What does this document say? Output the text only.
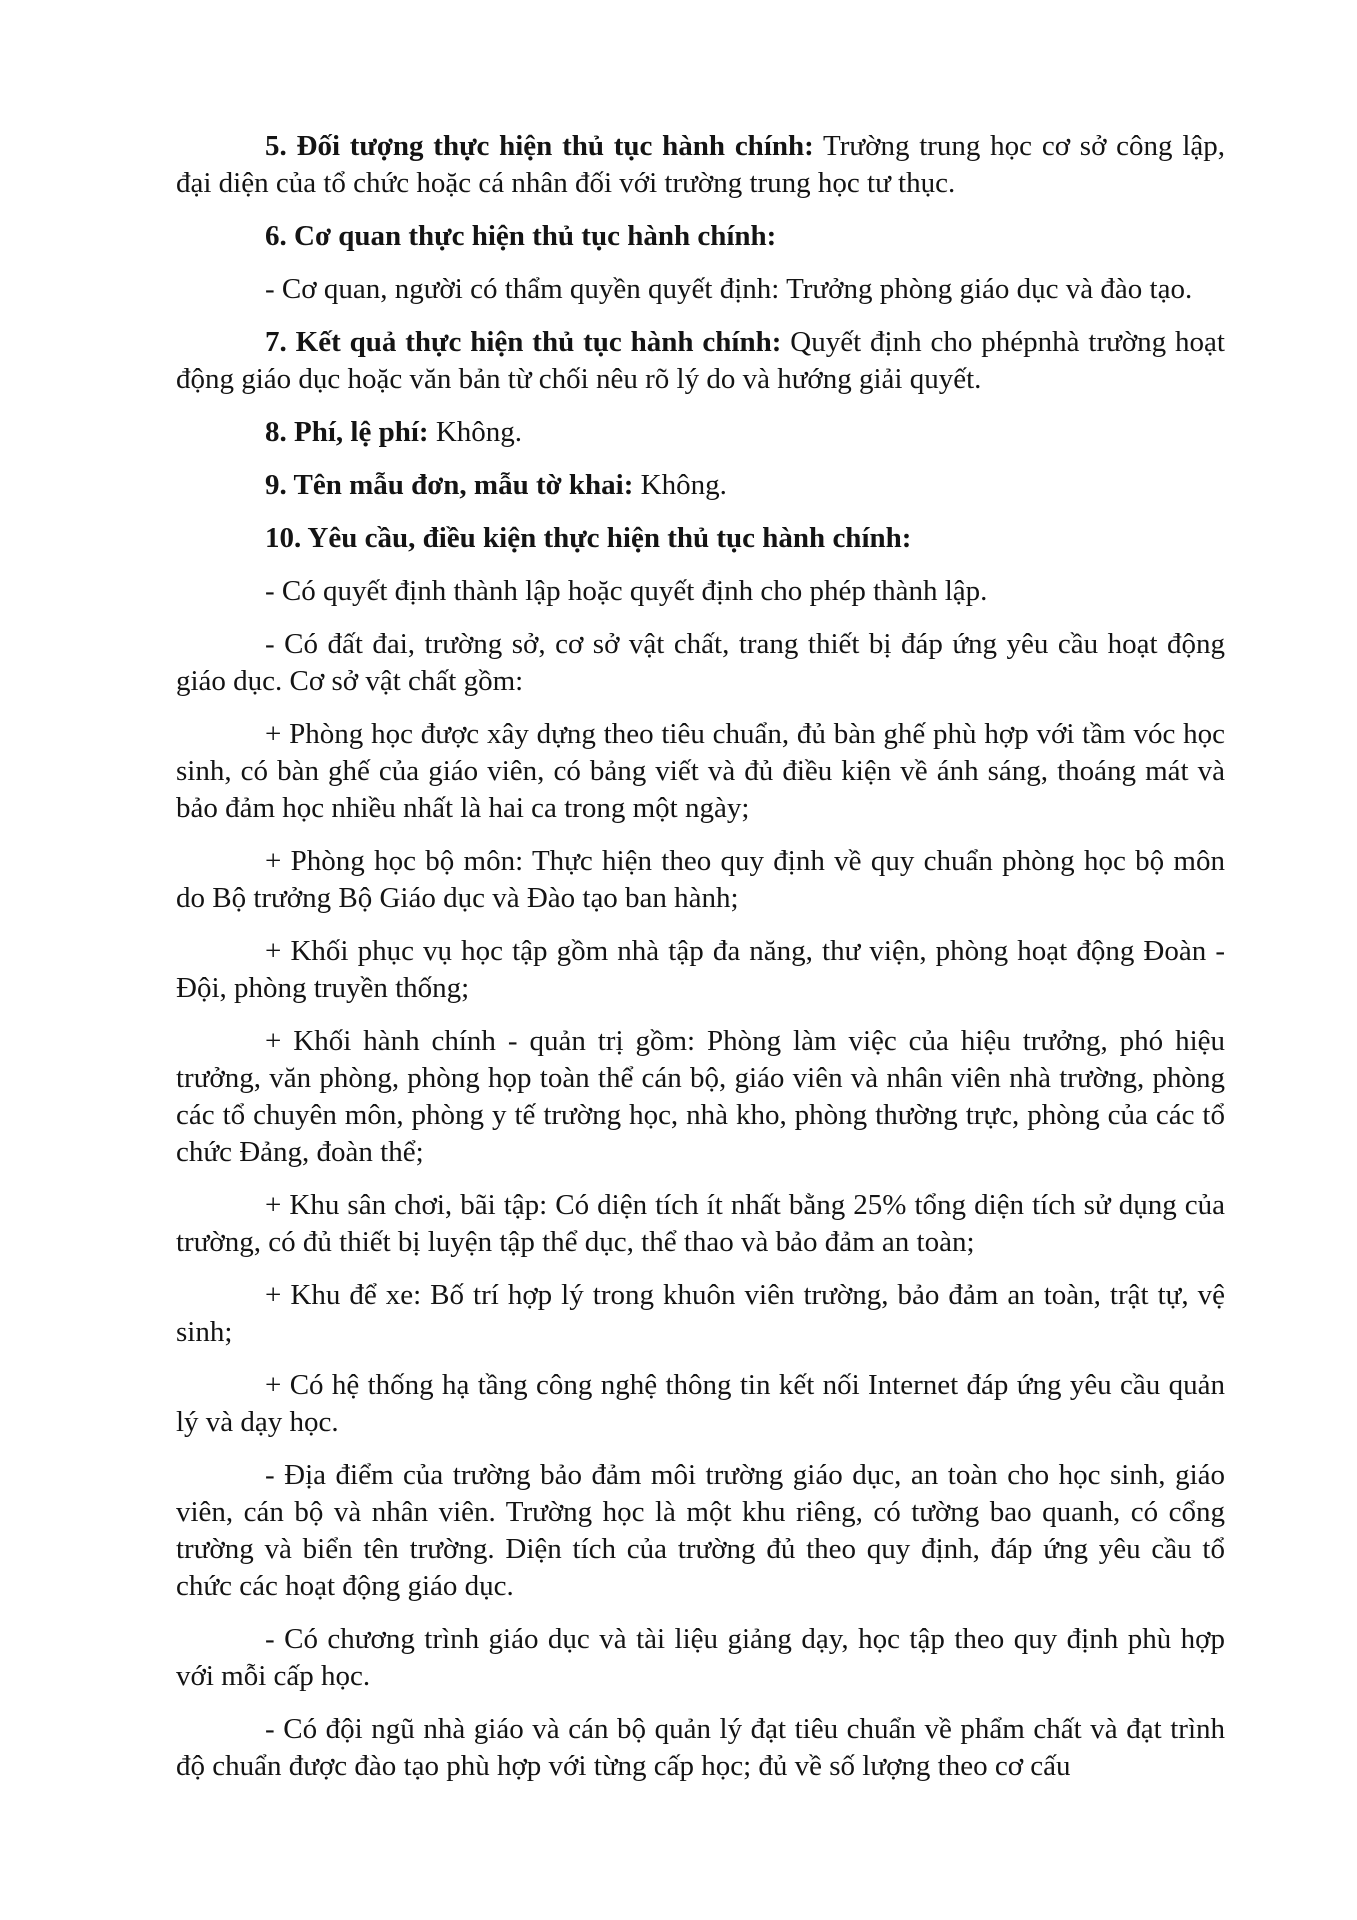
5. Đối tượng thực hiện thủ tục hành chính: Trường trung học cơ sở công lập, đại diện của tổ chức hoặc cá nhân đối với trường trung học tư thục.

6. Cơ quan thực hiện thủ tục hành chính:

- Cơ quan, người có thẩm quyền quyết định: Trưởng phòng giáo dục và đào tạo.

7. Kết quả thực hiện thủ tục hành chính: Quyết định cho phépnhà trường hoạt động giáo dục hoặc văn bản từ chối nêu rõ lý do và hướng giải quyết.

8. Phí, lệ phí: Không.

9. Tên mẫu đơn, mẫu tờ khai: Không.

10. Yêu cầu, điều kiện thực hiện thủ tục hành chính:

- Có quyết định thành lập hoặc quyết định cho phép thành lập.

- Có đất đai, trường sở, cơ sở vật chất, trang thiết bị đáp ứng yêu cầu hoạt động giáo dục. Cơ sở vật chất gồm:

+ Phòng học được xây dựng theo tiêu chuẩn, đủ bàn ghế phù hợp với tầm vóc học sinh, có bàn ghế của giáo viên, có bảng viết và đủ điều kiện về ánh sáng, thoáng mát và bảo đảm học nhiều nhất là hai ca trong một ngày;

+ Phòng học bộ môn: Thực hiện theo quy định về quy chuẩn phòng học bộ môn do Bộ trưởng Bộ Giáo dục và Đào tạo ban hành;

+ Khối phục vụ học tập gồm nhà tập đa năng, thư viện, phòng hoạt động Đoàn - Đội, phòng truyền thống;

+ Khối hành chính - quản trị gồm: Phòng làm việc của hiệu trưởng, phó hiệu trưởng, văn phòng, phòng họp toàn thể cán bộ, giáo viên và nhân viên nhà trường, phòng các tổ chuyên môn, phòng y tế trường học, nhà kho, phòng thường trực, phòng của các tổ chức Đảng, đoàn thể;

+ Khu sân chơi, bãi tập: Có diện tích ít nhất bằng 25% tổng diện tích sử dụng của trường, có đủ thiết bị luyện tập thể dục, thể thao và bảo đảm an toàn;

+ Khu để xe: Bố trí hợp lý trong khuôn viên trường, bảo đảm an toàn, trật tự, vệ sinh;

+ Có hệ thống hạ tầng công nghệ thông tin kết nối Internet đáp ứng yêu cầu quản lý và dạy học.

- Địa điểm của trường bảo đảm môi trường giáo dục, an toàn cho học sinh, giáo viên, cán bộ và nhân viên. Trường học là một khu riêng, có tường bao quanh, có cổng trường và biển tên trường. Diện tích của trường đủ theo quy định, đáp ứng yêu cầu tổ chức các hoạt động giáo dục.

- Có chương trình giáo dục và tài liệu giảng dạy, học tập theo quy định phù hợp với mỗi cấp học.

- Có đội ngũ nhà giáo và cán bộ quản lý đạt tiêu chuẩn về phẩm chất và đạt trình độ chuẩn được đào tạo phù hợp với từng cấp học; đủ về số lượng theo cơ cấu
